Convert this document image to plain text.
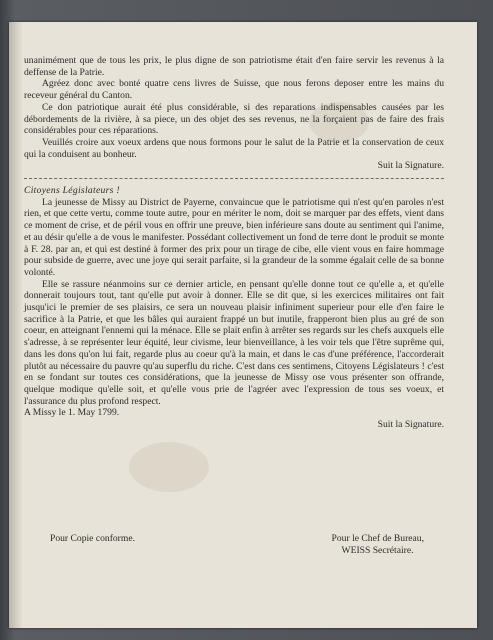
unanimément que de tous les prix, le plus digne de son patriotisme était d'en faire servir les revenus à la deffense de la Patrie.

Agréez donc avec bonté quatre cens livres de Suisse, que nous ferons deposer entre les mains du receveur général du Canton.

Ce don patriotique aurait été plus considérable, si des reparations indispensables causées par les débordements de la rivière, à sa piece, un des objet des ses revenus, ne la forçaient pas de faire des frais considérables pour ces réparations.

Veuillés croire aux voeux ardens que nous formons pour le salut de la Patrie et la conservation de ceux qui la conduisent au bonheur.

Suit la Signature.

Citoyens Législateurs !

La jeunesse de Missy au District de Payerne, convaincue que le patriotisme qui n'est qu'en paroles n'est rien, et que cette vertu, comme toute autre, pour en mériter le nom, doit se marquer par des effets, vient dans ce moment de crise, et de péril vous en offrir une preuve, bien inférieure sans doute au sentiment qui l'anime, et au désir qu'elle a de vous le manifester. Possédant collectivement un fond de terre dont le produit se monte à F. 28. par an, et qui est destiné à former des prix pour un tirage de cibe, elle vient vous en faire hommage pour subside de guerre, avec une joye qui serait parfaite, si la grandeur de la somme égalait celle de sa bonne volonté.

Elle se rassure néanmoins sur ce dernier article, en pensant qu'elle donne tout ce qu'elle a, et qu'elle donnerait toujours tout, tant qu'elle put avoir à donner. Elle se dit que, si les exercices militaires ont fait jusqu'ici le premier de ses plaisirs, ce sera un nouveau plaisir infiniment superieur pour elle d'en faire le sacrifice à la Patrie, et que les bâles qui auraient frappé un but inutile, frapperont bien plus au gré de son coeur, en atteignant l'ennemi qui la ménace. Elle se plait enfin à arrêter ses regards sur les chefs auxquels elle s'adresse, à se représenter leur équité, leur civisme, leur bienveillance, à les voir tels que l'être suprême qui, dans les dons qu'on lui fait, regarde plus au coeur qu'à la main, et dans le cas d'une préférence, l'accorderait plutôt au nécessaire du pauvre qu'au superflu du riche. C'est dans ces sentimens, Citoyens Législateurs ! c'est en se fondant sur toutes ces considérations, que la jeunesse de Missy ose vous présenter son offrande, quelque modique qu'elle soit, et qu'elle vous prie de l'agréer avec l'expression de tous ses voeux, et l'assurance du plus profond respect.

A Missy le 1. May 1799.

Suit la Signature.

Pour Copie conforme.	Pour le Chef de Bureau,
WEISS Secrétaire.
